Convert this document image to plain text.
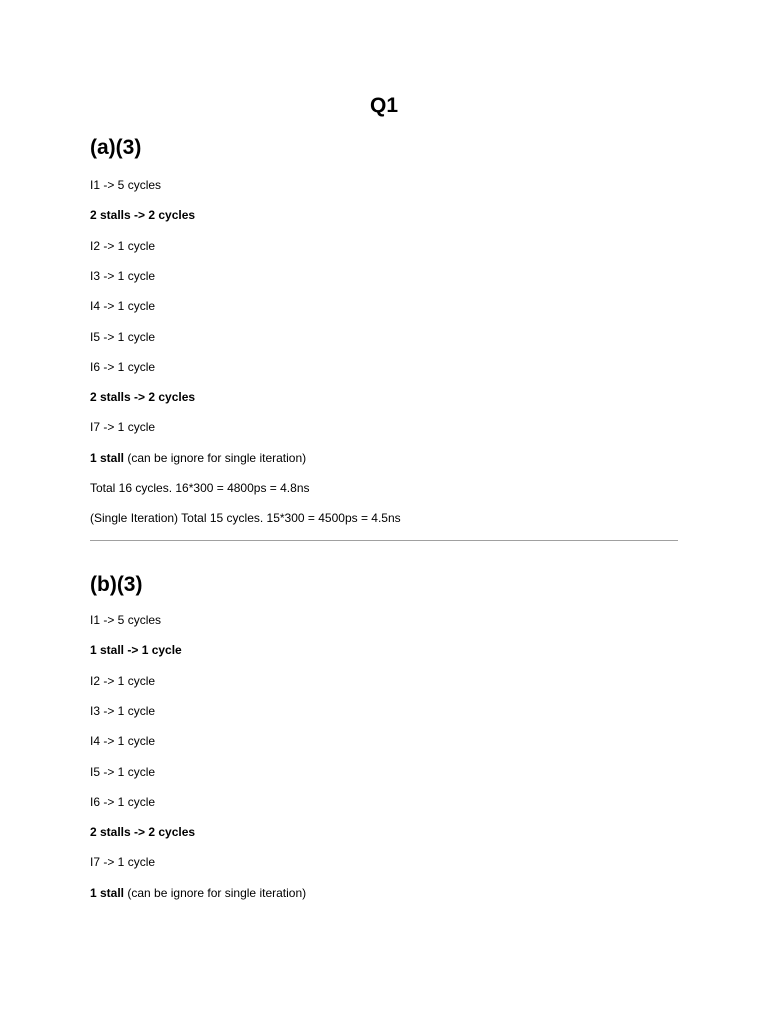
Q1
(a)(3)
I1 -> 5 cycles
2 stalls -> 2 cycles
I2 -> 1 cycle
I3 -> 1 cycle
I4 -> 1 cycle
I5 -> 1 cycle
I6 -> 1 cycle
2 stalls -> 2 cycles
I7 -> 1 cycle
1 stall (can be ignore for single iteration)
Total 16 cycles. 16*300 = 4800ps = 4.8ns
(Single Iteration) Total 15 cycles. 15*300 = 4500ps = 4.5ns
(b)(3)
I1 -> 5 cycles
1 stall -> 1 cycle
I2 -> 1 cycle
I3 -> 1 cycle
I4 -> 1 cycle
I5 -> 1 cycle
I6 -> 1 cycle
2 stalls -> 2 cycles
I7 -> 1 cycle
1 stall (can be ignore for single iteration)
